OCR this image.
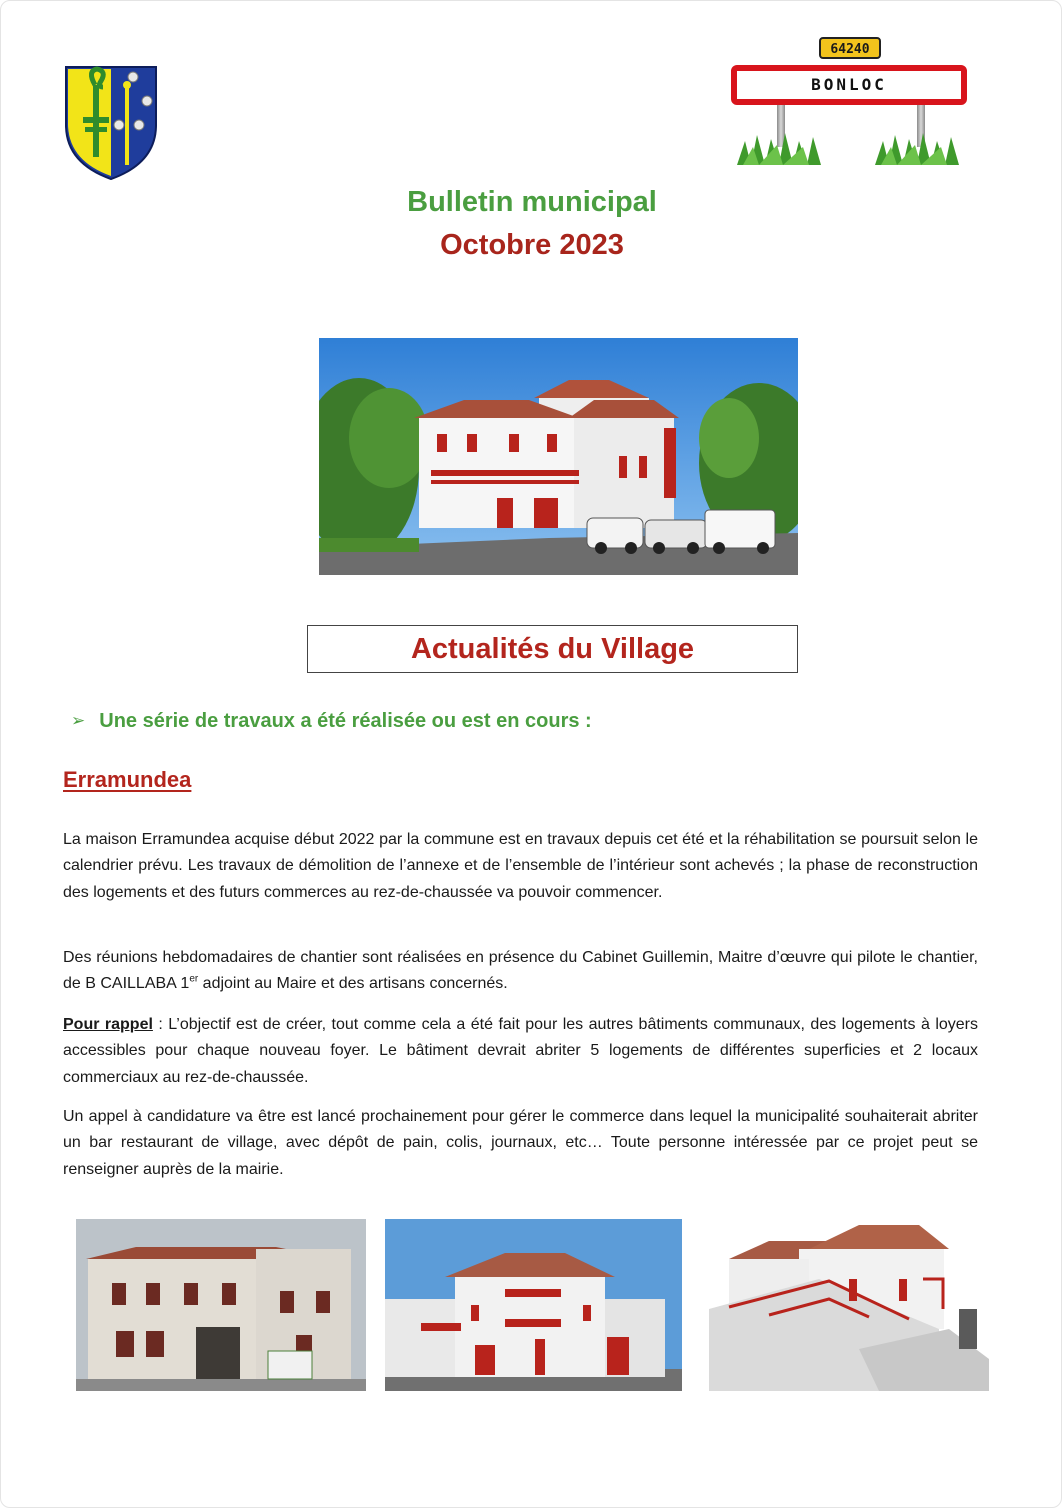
64240
BONLOC
Bulletin municipal
Octobre 2023
Actualités du Village
➢ Une série de travaux a été réalisée ou est en cours :
Erramundea
La maison Erramundea acquise début 2022 par la commune est en travaux depuis cet été et la réhabilitation se poursuit selon le calendrier prévu. Les travaux de démolition de l’annexe et de l’ensemble de l’intérieur sont achevés ; la phase de reconstruction des logements et des futurs commerces au rez-de-chaussée va pouvoir commencer.
Des réunions hebdomadaires de chantier sont réalisées en présence du Cabinet Guillemin, Maitre d’œuvre qui pilote le chantier, de B CAILLABA 1er adjoint au Maire et des artisans concernés.
Pour rappel : L’objectif est de créer, tout comme cela a été fait pour les autres bâtiments communaux, des logements à loyers accessibles pour chaque nouveau foyer. Le bâtiment devrait abriter 5 logements de différentes superficies et 2 locaux commerciaux au rez-de-chaussée.
Un appel à candidature va être est lancé prochainement pour gérer le commerce dans lequel la municipalité souhaiterait abriter un bar restaurant de village, avec dépôt de pain, colis, journaux, etc… Toute personne intéressée par ce projet peut se renseigner auprès de la mairie.
